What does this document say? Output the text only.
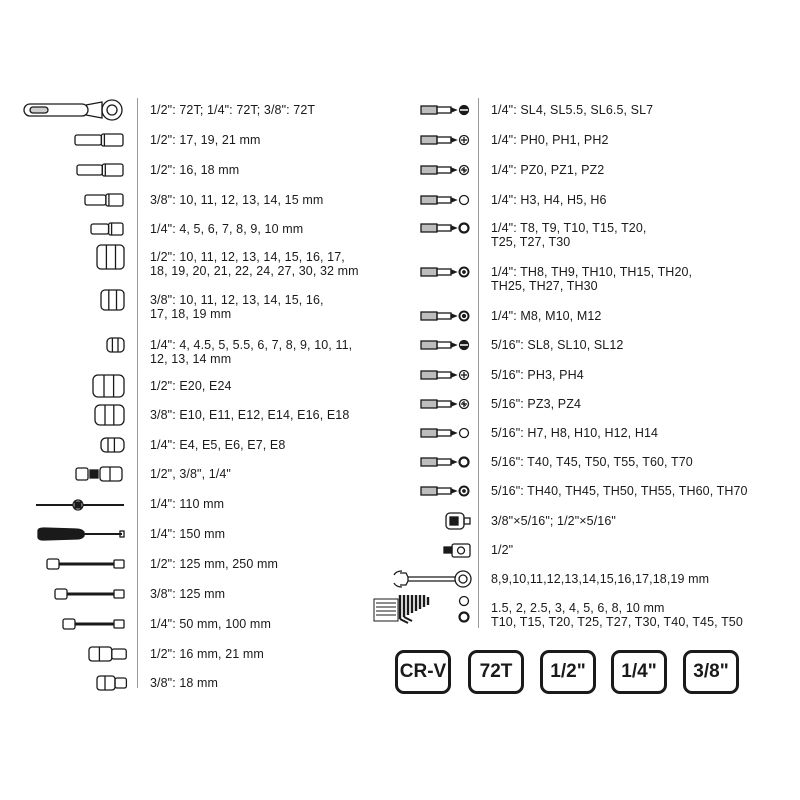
1/2": 72T; 1/4": 72T; 3/8": 72T
1/2": 17, 19, 21 mm
1/2": 16, 18 mm
3/8": 10, 11, 12, 13, 14, 15 mm
1/4": 4, 5, 6, 7, 8, 9, 10 mm
1/2": 10, 11, 12, 13, 14, 15, 16, 17,
18, 19, 20, 21, 22, 24, 27, 30, 32 mm
3/8": 10, 11, 12, 13, 14, 15, 16,
17, 18, 19 mm
1/4": 4, 4.5, 5, 5.5, 6, 7, 8, 9, 10, 11,
12, 13, 14 mm
1/2": E20, E24
3/8": E10, E11, E12, E14, E16, E18
1/4": E4, E5, E6, E7, E8
1/2", 3/8", 1/4"
1/4": 110 mm
1/4": 150 mm
1/2": 125 mm, 250 mm
3/8": 125 mm
1/4": 50 mm, 100 mm
1/2": 16 mm, 21 mm
3/8": 18 mm
1/4": SL4, SL5.5, SL6.5, SL7
1/4": PH0, PH1, PH2
1/4": PZ0, PZ1, PZ2
1/4": H3, H4, H5, H6
1/4": T8, T9, T10, T15, T20,
T25, T27, T30
1/4": TH8, TH9, TH10, TH15, TH20,
TH25, TH27, TH30
1/4": M8, M10, M12
5/16": SL8, SL10, SL12
5/16": PH3, PH4
5/16": PZ3, PZ4
5/16": H7, H8, H10, H12, H14
5/16": T40, T45, T50, T55, T60, T70
5/16": TH40, TH45, TH50, TH55, TH60, TH70
3/8"×5/16"; 1/2"×5/16"
1/2"
8,9,10,11,12,13,14,15,16,17,18,19 mm
1.5, 2, 2.5, 3, 4, 5, 6, 8, 10 mm
T10, T15, T20, T25, T27, T30, T40, T45, T50
CR-V 72T 1/2" 1/4" 3/8"
